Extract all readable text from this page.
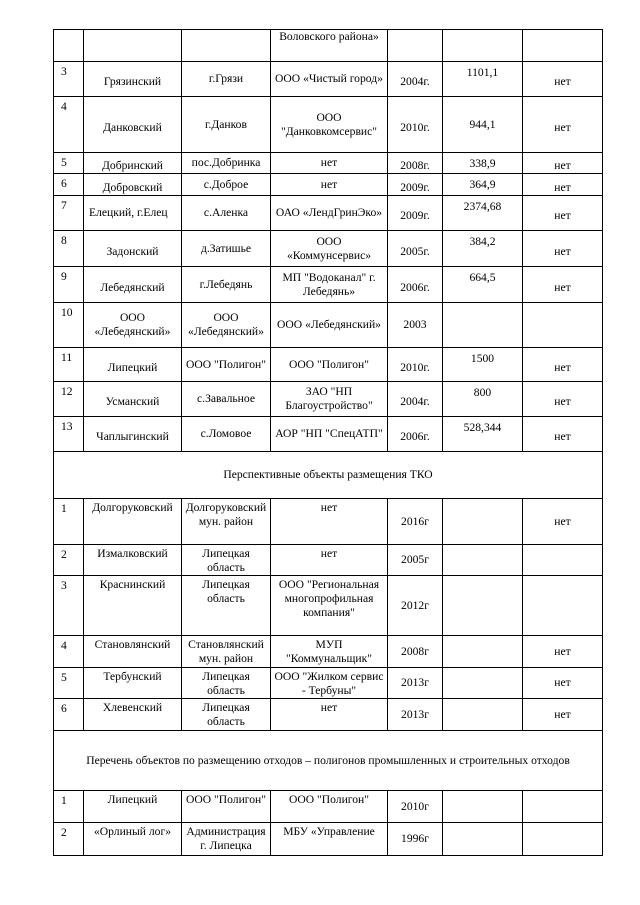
			Воловского района»			
3	Грязинский	г.Грязи	ООО «Чистый город»	2004г.	1101,1	нет
4	Данковский	г.Данков	ООО "Данковкомсервис"	2010г.	944,1	нет
5	Добринский	пос.Добринка	нет	2008г.	338,9	нет
6	Добровский	с.Доброе	нет	2009г.	364,9	нет
7	Елецкий, г.Елец	с.Аленка	ОАО «ЛендГринЭко»	2009г.	2374,68	нет
8	Задонский	д.Затишье	ООО «Коммунсервис»	2005г.	384,2	нет
9	Лебедянский	г.Лебедянь	МП "Водоканал" г. Лебедянь»	2006г.	664,5	нет
10	ООО «Лебедянский»	ООО «Лебедянский»	ООО «Лебедянский»	2003		
11	Липецкий	ООО "Полигон"	ООО "Полигон"	2010г.	1500	нет
12	Усманский	с.Завальное	ЗАО "НП Благоустройство"	2004г.	800	нет
13	Чаплыгинский	с.Ломовое	АОР "НП "СпецАТП"	2006г.	528,344	нет
Перспективные объекты размещения ТКО						
1	Долгоруковский	Долгоруковский мун. район	нет	2016г		нет
2	Измалковский	Липецкая область	нет	2005г		
3	Краснинский	Липецкая область	ООО "Региональная многопрофильная компания"	2012г		
4	Становлянский	Становлянский мун. район	МУП "Коммунальщик"	2008г		нет
5	Тербунский	Липецкая область	ООО "Жилком сервис - Тербуны"	2013г		нет
6	Хлевенский	Липецкая область	нет	2013г		нет
Перечень объектов по размещению отходов – полигонов промышленных и строительных отходов						
1	Липецкий	ООО "Полигон"	ООО "Полигон"	2010г		
2	«Орлиный лог»	Администрация г. Липецка	МБУ «Управление	1996г		
